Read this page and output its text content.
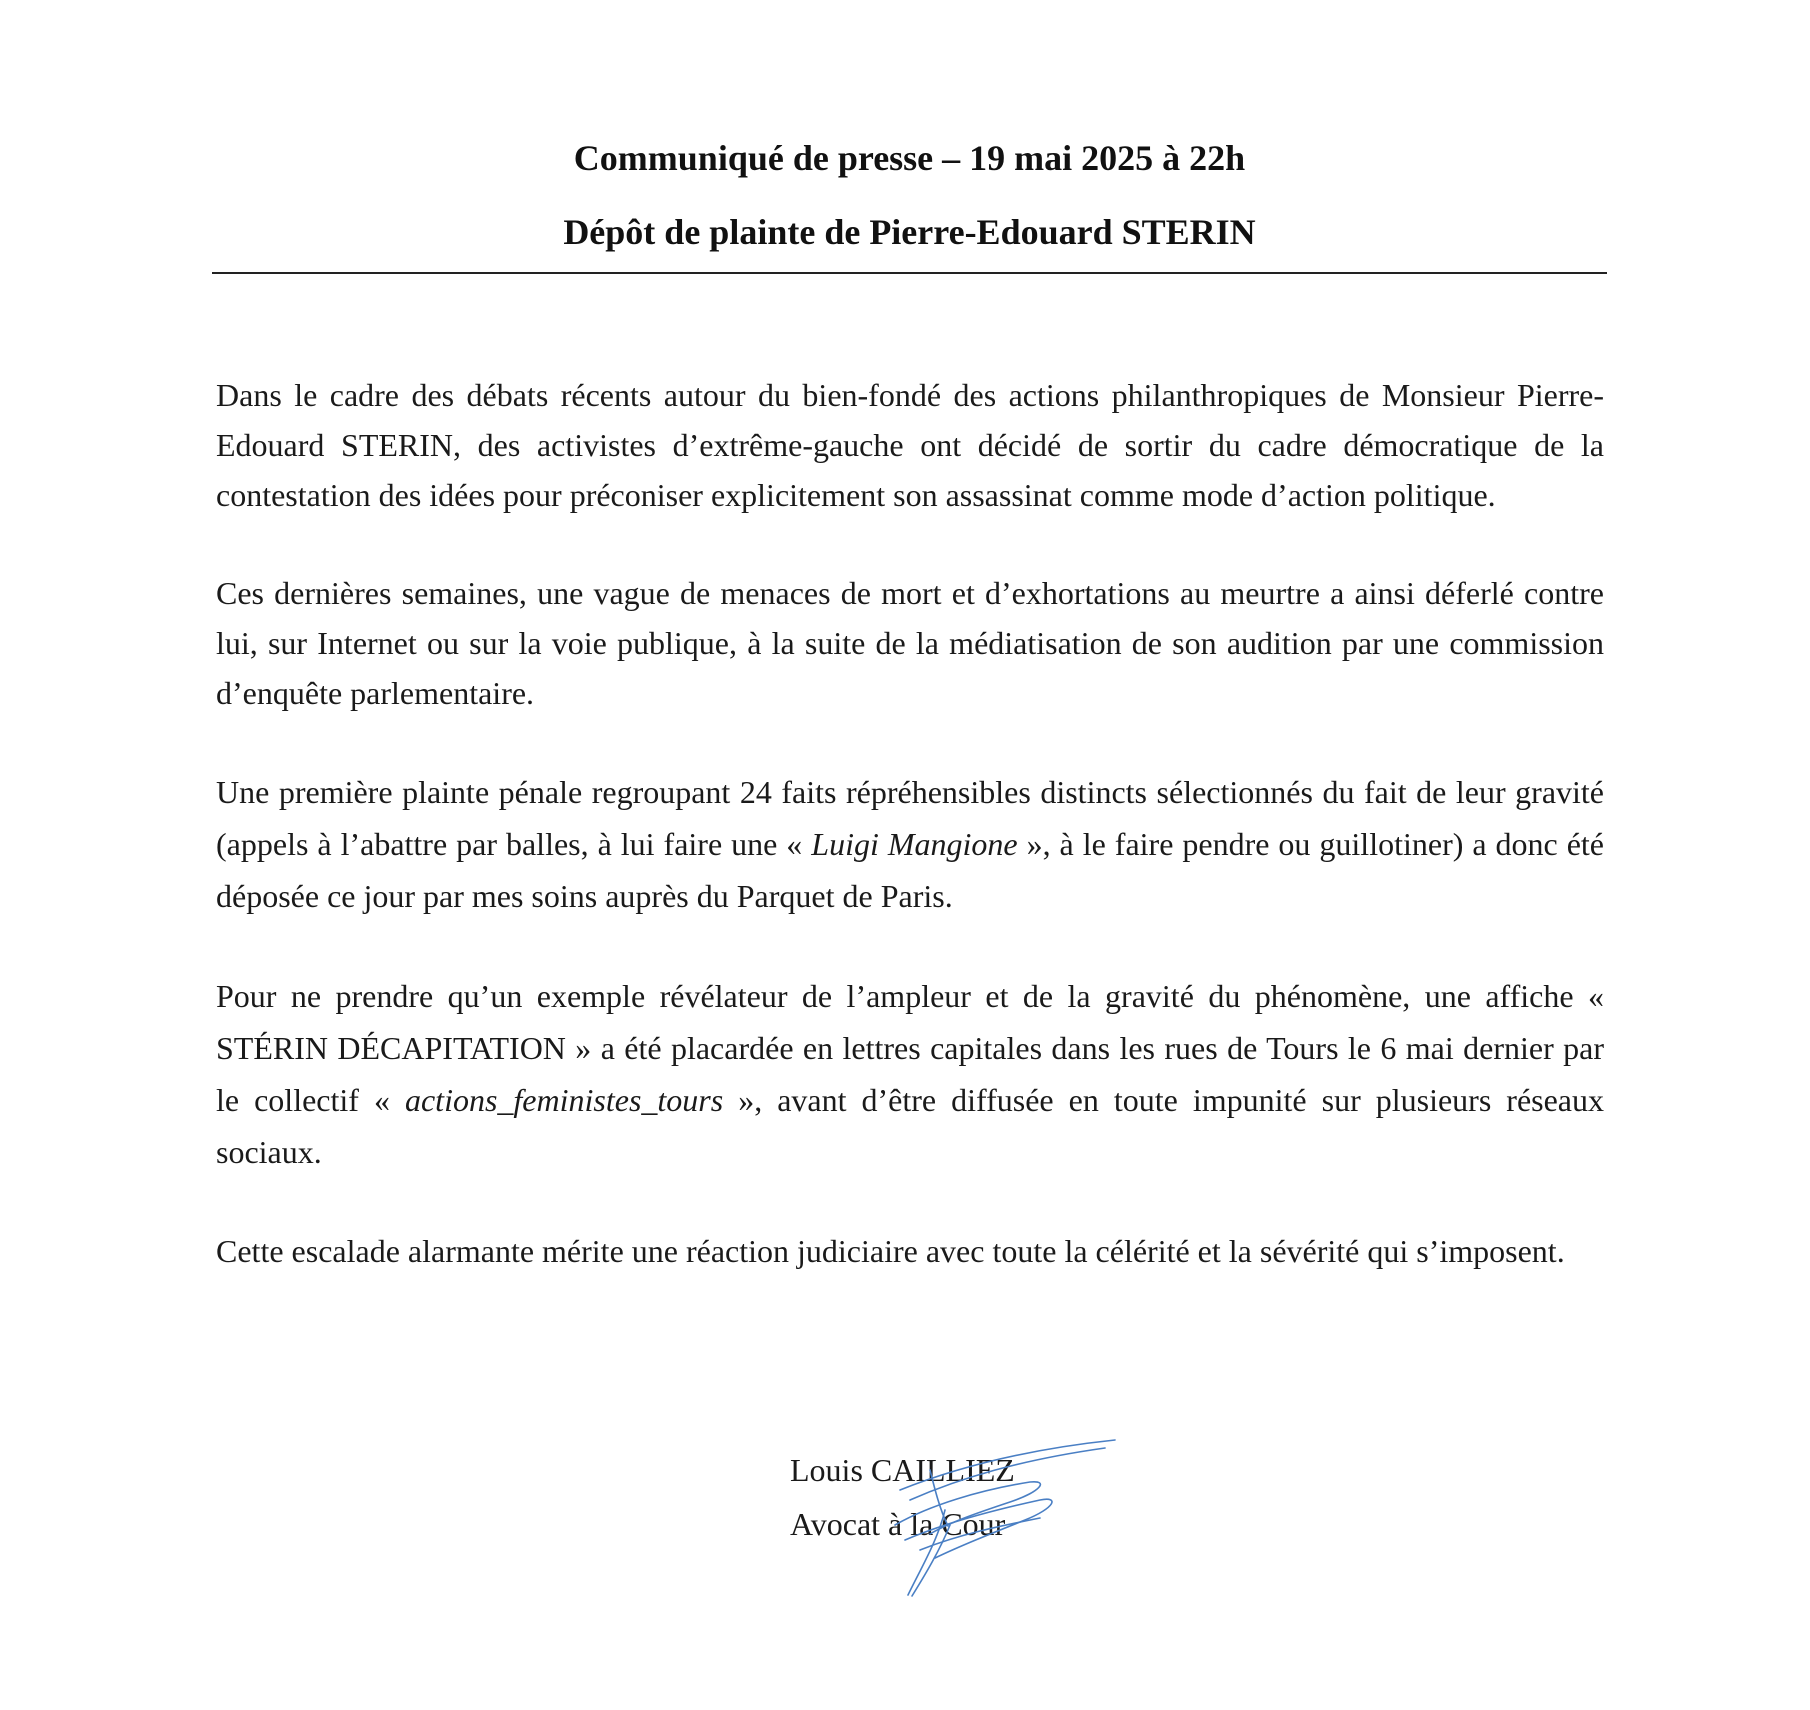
Communiqué de presse – 19 mai 2025 à 22h

Dépôt de plainte de Pierre-Edouard STERIN

Dans le cadre des débats récents autour du bien-fondé des actions philanthropiques de Monsieur Pierre-Edouard STERIN, des activistes d’extrême-gauche ont décidé de sortir du cadre démocratique de la contestation des idées pour préconiser explicitement son assassinat comme mode d’action politique.

Ces dernières semaines, une vague de menaces de mort et d’exhortations au meurtre a ainsi déferlé contre lui, sur Internet ou sur la voie publique, à la suite de la médiatisation de son audition par une commission d’enquête parlementaire.

Une première plainte pénale regroupant 24 faits répréhensibles distincts sélectionnés du fait de leur gravité (appels à l’abattre par balles, à lui faire une « Luigi Mangione », à le faire pendre ou guillotiner) a donc été déposée ce jour par mes soins auprès du Parquet de Paris.

Pour ne prendre qu’un exemple révélateur de l’ampleur et de la gravité du phénomène, une affiche « STÉRIN DÉCAPITATION » a été placardée en lettres capitales dans les rues de Tours le 6 mai dernier par le collectif « actions_feministes_tours », avant d’être diffusée en toute impunité sur plusieurs réseaux sociaux.

Cette escalade alarmante mérite une réaction judiciaire avec toute la célérité et la sévérité qui s’imposent.

Louis CAILLIEZ
Avocat à la Cour
